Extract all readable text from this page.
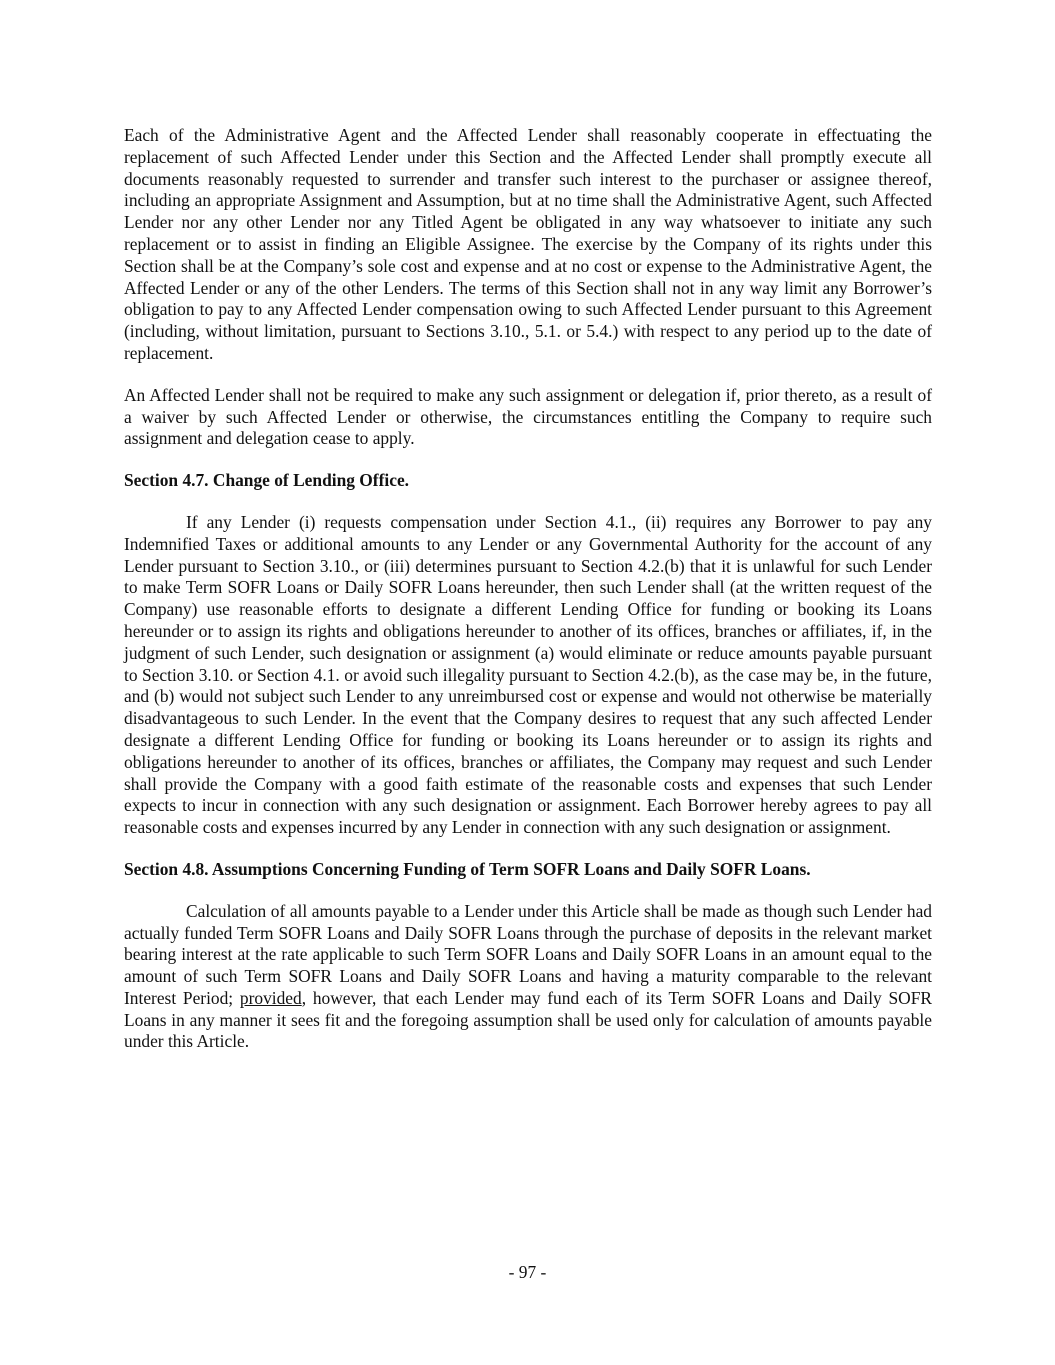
Each of the Administrative Agent and the Affected Lender shall reasonably cooperate in effectuating the replacement of such Affected Lender under this Section and the Affected Lender shall promptly execute all documents reasonably requested to surrender and transfer such interest to the purchaser or assignee thereof, including an appropriate Assignment and Assumption, but at no time shall the Administrative Agent, such Affected Lender nor any other Lender nor any Titled Agent be obligated in any way whatsoever to initiate any such replacement or to assist in finding an Eligible Assignee. The exercise by the Company of its rights under this Section shall be at the Company’s sole cost and expense and at no cost or expense to the Administrative Agent, the Affected Lender or any of the other Lenders. The terms of this Section shall not in any way limit any Borrower’s obligation to pay to any Affected Lender compensation owing to such Affected Lender pursuant to this Agreement (including, without limitation, pursuant to Sections 3.10., 5.1. or 5.4.) with respect to any period up to the date of replacement.

An Affected Lender shall not be required to make any such assignment or delegation if, prior thereto, as a result of a waiver by such Affected Lender or otherwise, the circumstances entitling the Company to require such assignment and delegation cease to apply.

Section 4.7. Change of Lending Office.

If any Lender (i) requests compensation under Section 4.1., (ii) requires any Borrower to pay any Indemnified Taxes or additional amounts to any Lender or any Governmental Authority for the account of any Lender pursuant to Section 3.10., or (iii) determines pursuant to Section 4.2.(b) that it is unlawful for such Lender to make Term SOFR Loans or Daily SOFR Loans hereunder, then such Lender shall (at the written request of the Company) use reasonable efforts to designate a different Lending Office for funding or booking its Loans hereunder or to assign its rights and obligations hereunder to another of its offices, branches or affiliates, if, in the judgment of such Lender, such designation or assignment (a) would eliminate or reduce amounts payable pursuant to Section 3.10. or Section 4.1. or avoid such illegality pursuant to Section 4.2.(b), as the case may be, in the future, and (b) would not subject such Lender to any unreimbursed cost or expense and would not otherwise be materially disadvantageous to such Lender. In the event that the Company desires to request that any such affected Lender designate a different Lending Office for funding or booking its Loans hereunder or to assign its rights and obligations hereunder to another of its offices, branches or affiliates, the Company may request and such Lender shall provide the Company with a good faith estimate of the reasonable costs and expenses that such Lender expects to incur in connection with any such designation or assignment. Each Borrower hereby agrees to pay all reasonable costs and expenses incurred by any Lender in connection with any such designation or assignment.

Section 4.8. Assumptions Concerning Funding of Term SOFR Loans and Daily SOFR Loans.

Calculation of all amounts payable to a Lender under this Article shall be made as though such Lender had actually funded Term SOFR Loans and Daily SOFR Loans through the purchase of deposits in the relevant market bearing interest at the rate applicable to such Term SOFR Loans and Daily SOFR Loans in an amount equal to the amount of such Term SOFR Loans and Daily SOFR Loans and having a maturity comparable to the relevant Interest Period; provided, however, that each Lender may fund each of its Term SOFR Loans and Daily SOFR Loans in any manner it sees fit and the foregoing assumption shall be used only for calculation of amounts payable under this Article.

- 97 -
